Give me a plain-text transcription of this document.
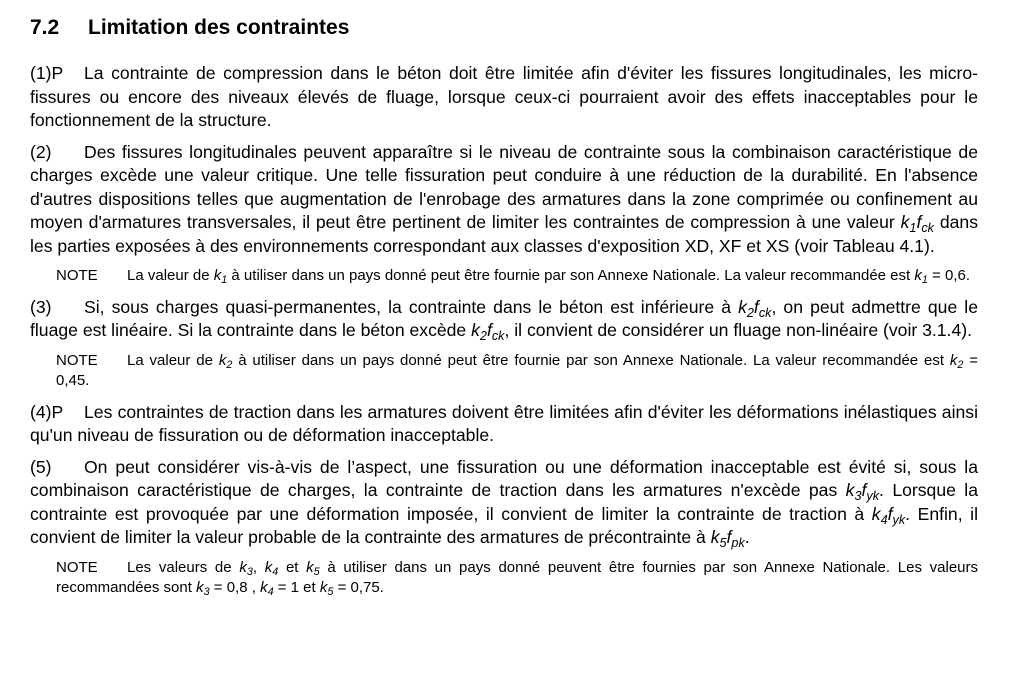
7.2 Limitation des contraintes

(1)P La contrainte de compression dans le béton doit être limitée afin d'éviter les fissures longitudinales, les micro-fissures ou encore des niveaux élevés de fluage, lorsque ceux-ci pourraient avoir des effets inacceptables pour le fonctionnement de la structure.

(2) Des fissures longitudinales peuvent apparaître si le niveau de contrainte sous la combinaison caractéristique de charges excède une valeur critique. Une telle fissuration peut conduire à une réduction de la durabilité. En l'absence d'autres dispositions telles que augmentation de l'enrobage des armatures dans la zone comprimée ou confinement au moyen d'armatures transversales, il peut être pertinent de limiter les contraintes de compression à une valeur $k_1f_{ck}$ dans les parties exposées à des environnements correspondant aux classes d'exposition XD, XF et XS (voir Tableau 4.1).

NOTE La valeur de $k_1$ à utiliser dans un pays donné peut être fournie par son Annexe Nationale. La valeur recommandée est $k_1 = 0,6$.

(3) Si, sous charges quasi-permanentes, la contrainte dans le béton est inférieure à $k_2f_{ck}$, on peut admettre que le fluage est linéaire. Si la contrainte dans le béton excède $k_2f_{ck}$, il convient de considérer un fluage non-linéaire (voir 3.1.4).

NOTE La valeur de $k_2$ à utiliser dans un pays donné peut être fournie par son Annexe Nationale. La valeur recommandée est $k_2 = 0,45$.

(4)P Les contraintes de traction dans les armatures doivent être limitées afin d'éviter les déformations inélastiques ainsi qu'un niveau de fissuration ou de déformation inacceptable.

(5) On peut considérer vis-à-vis de l’aspect, une fissuration ou une déformation inacceptable est évité si, sous la combinaison caractéristique de charges, la contrainte de traction dans les armatures n'excède pas $k_3f_{yk}$. Lorsque la contrainte est provoquée par une déformation imposée, il convient de limiter la contrainte de traction à $k_4f_{yk}$. Enfin, il convient de limiter la valeur probable de la contrainte des armatures de précontrainte à $k_5f_{pk}$.

NOTE Les valeurs de $k_3$, $k_4$ et $k_5$ à utiliser dans un pays donné peuvent être fournies par son Annexe Nationale. Les valeurs recommandées sont $k_3 = 0,8$ , $k_4 = 1$ et $k_5 = 0,75$.
